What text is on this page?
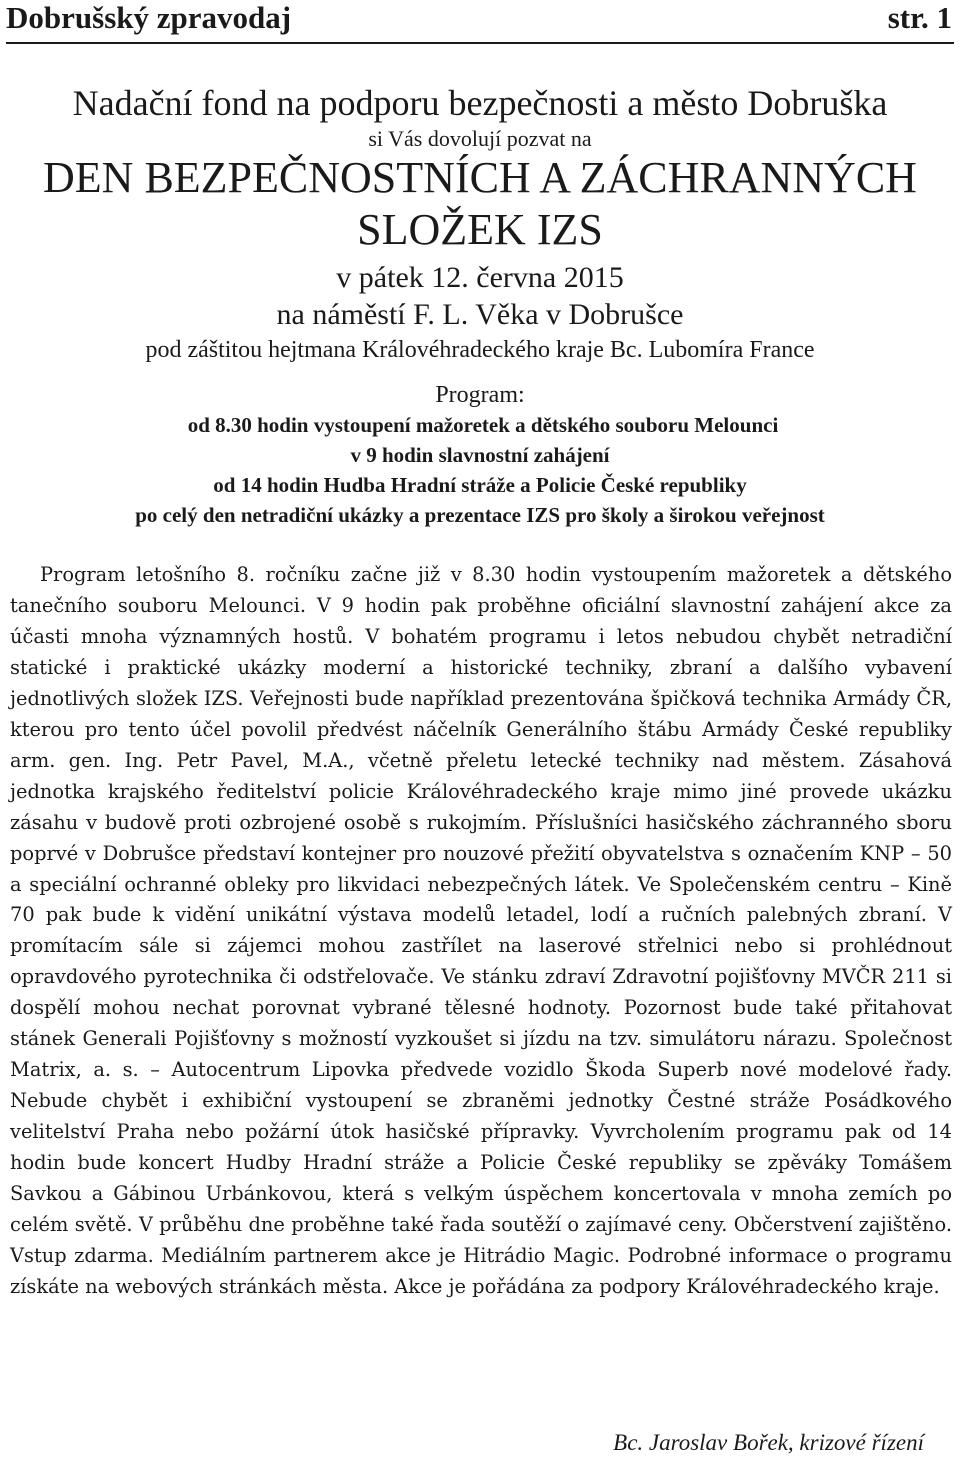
Dobrušský zpravodaj	str. 1
Nadační fond na podporu bezpečnosti a město Dobruška
si Vás dovolují pozvat na
DEN BEZPEČNOSTNÍCH A ZÁCHRANNÝCH
SLOŽEK IZS
v pátek 12. června 2015
na náměstí F. L. Věka v Dobrušce
pod záštitou hejtmana Královéhradeckého kraje Bc. Lubomíra France
Program:
od 8.30 hodin vystoupení mažoretek a dětského souboru Melounci
v 9 hodin slavnostní zahájení
od 14 hodin Hudba Hradní stráže a Policie České republiky
po celý den netradiční ukázky a prezentace IZS pro školy a širokou veřejnost

Program letošního 8. ročníku začne již v 8.30 hodin vystoupením mažoretek a dětského tanečního souboru Melounci. V 9 hodin pak proběhne oficiální slavnostní zahájení akce za účasti mnoha významných hostů. V bohatém programu i letos nebudou chybět netradiční statické i praktické ukázky moderní a historické techniky, zbraní a dalšího vybavení jednotlivých složek IZS. Veřejnosti bude například prezentována špičková technika Armády ČR, kterou pro tento účel povolil předvést náčelník Generálního štábu Armády České republiky arm. gen. Ing. Petr Pavel, M.A., včetně přeletu letecké techniky nad městem. Zásahová jednotka krajského ředitelství policie Královéhradeckého kraje mimo jiné provede ukázku zásahu v budově proti ozbrojené osobě s rukojmím. Příslušníci hasičského záchranného sboru poprvé v Dobrušce představí kontejner pro nouzové přežití obyvatelstva s označením KNP – 50 a speciální ochranné obleky pro likvidaci nebezpečných látek. Ve Společenském centru – Kině 70 pak bude k vidění unikátní výstava modelů letadel, lodí a ručních palebných zbraní. V promítacím sále si zájemci mohou zastřílet na laserové střelnici nebo si prohlédnout opravdového pyrotechnika či odstřelovače. Ve stánku zdraví Zdravotní pojišťovny MVČR 211 si dospělí mohou nechat porovnat vybrané tělesné hodnoty. Pozornost bude také přitahovat stánek Generali Pojišťovny s možností vyzkoušet si jízdu na tzv. simulátoru nárazu. Společnost Matrix, a. s. – Autocentrum Lipovka předvede vozidlo Škoda Superb nové modelové řady. Nebude chybět i exhibiční vystoupení se zbraněmi jednotky Čestné stráže Posádkového velitelství Praha nebo požární útok hasičské přípravky. Vyvrcholením programu pak od 14 hodin bude koncert Hudby Hradní stráže a Policie České republiky se zpěváky Tomášem Savkou a Gábinou Urbánkovou, která s velkým úspěchem koncertovala v mnoha zemích po celém světě. V průběhu dne proběhne také řada soutěží o zajímavé ceny. Občerstvení zajištěno. Vstup zdarma. Mediálním partnerem akce je Hitrádio Magic. Podrobné informace o programu získáte na webových stránkách města. Akce je pořádána za podpory Královéhradeckého kraje.

Bc. Jaroslav Bořek, krizové řízení
